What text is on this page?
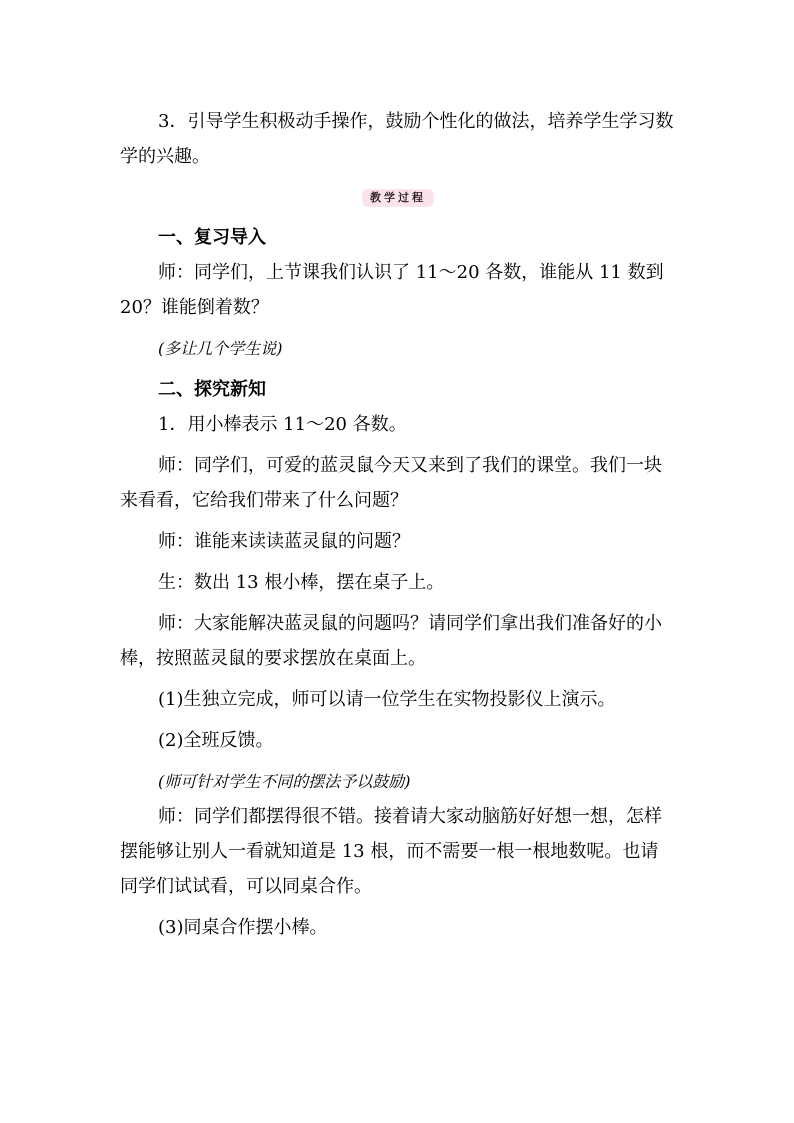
3．引导学生积极动手操作，鼓励个性化的做法，培养学生学习数学的兴趣。

教学过程

一、复习导入

师：同学们，上节课我们认识了 11～20 各数，谁能从 11 数到 20？谁能倒着数？

(多让几个学生说)

二、探究新知

1．用小棒表示 11～20 各数。

师：同学们，可爱的蓝灵鼠今天又来到了我们的课堂。我们一块来看看，它给我们带来了什么问题？

师：谁能来读读蓝灵鼠的问题？

生：数出 13 根小棒，摆在桌子上。

师：大家能解决蓝灵鼠的问题吗？请同学们拿出我们准备好的小棒，按照蓝灵鼠的要求摆放在桌面上。

(1)生独立完成，师可以请一位学生在实物投影仪上演示。

(2)全班反馈。

(师可针对学生不同的摆法予以鼓励)

师：同学们都摆得很不错。接着请大家动脑筋好好想一想，怎样摆能够让别人一看就知道是 13 根，而不需要一根一根地数呢。也请同学们试试看，可以同桌合作。

(3)同桌合作摆小棒。
